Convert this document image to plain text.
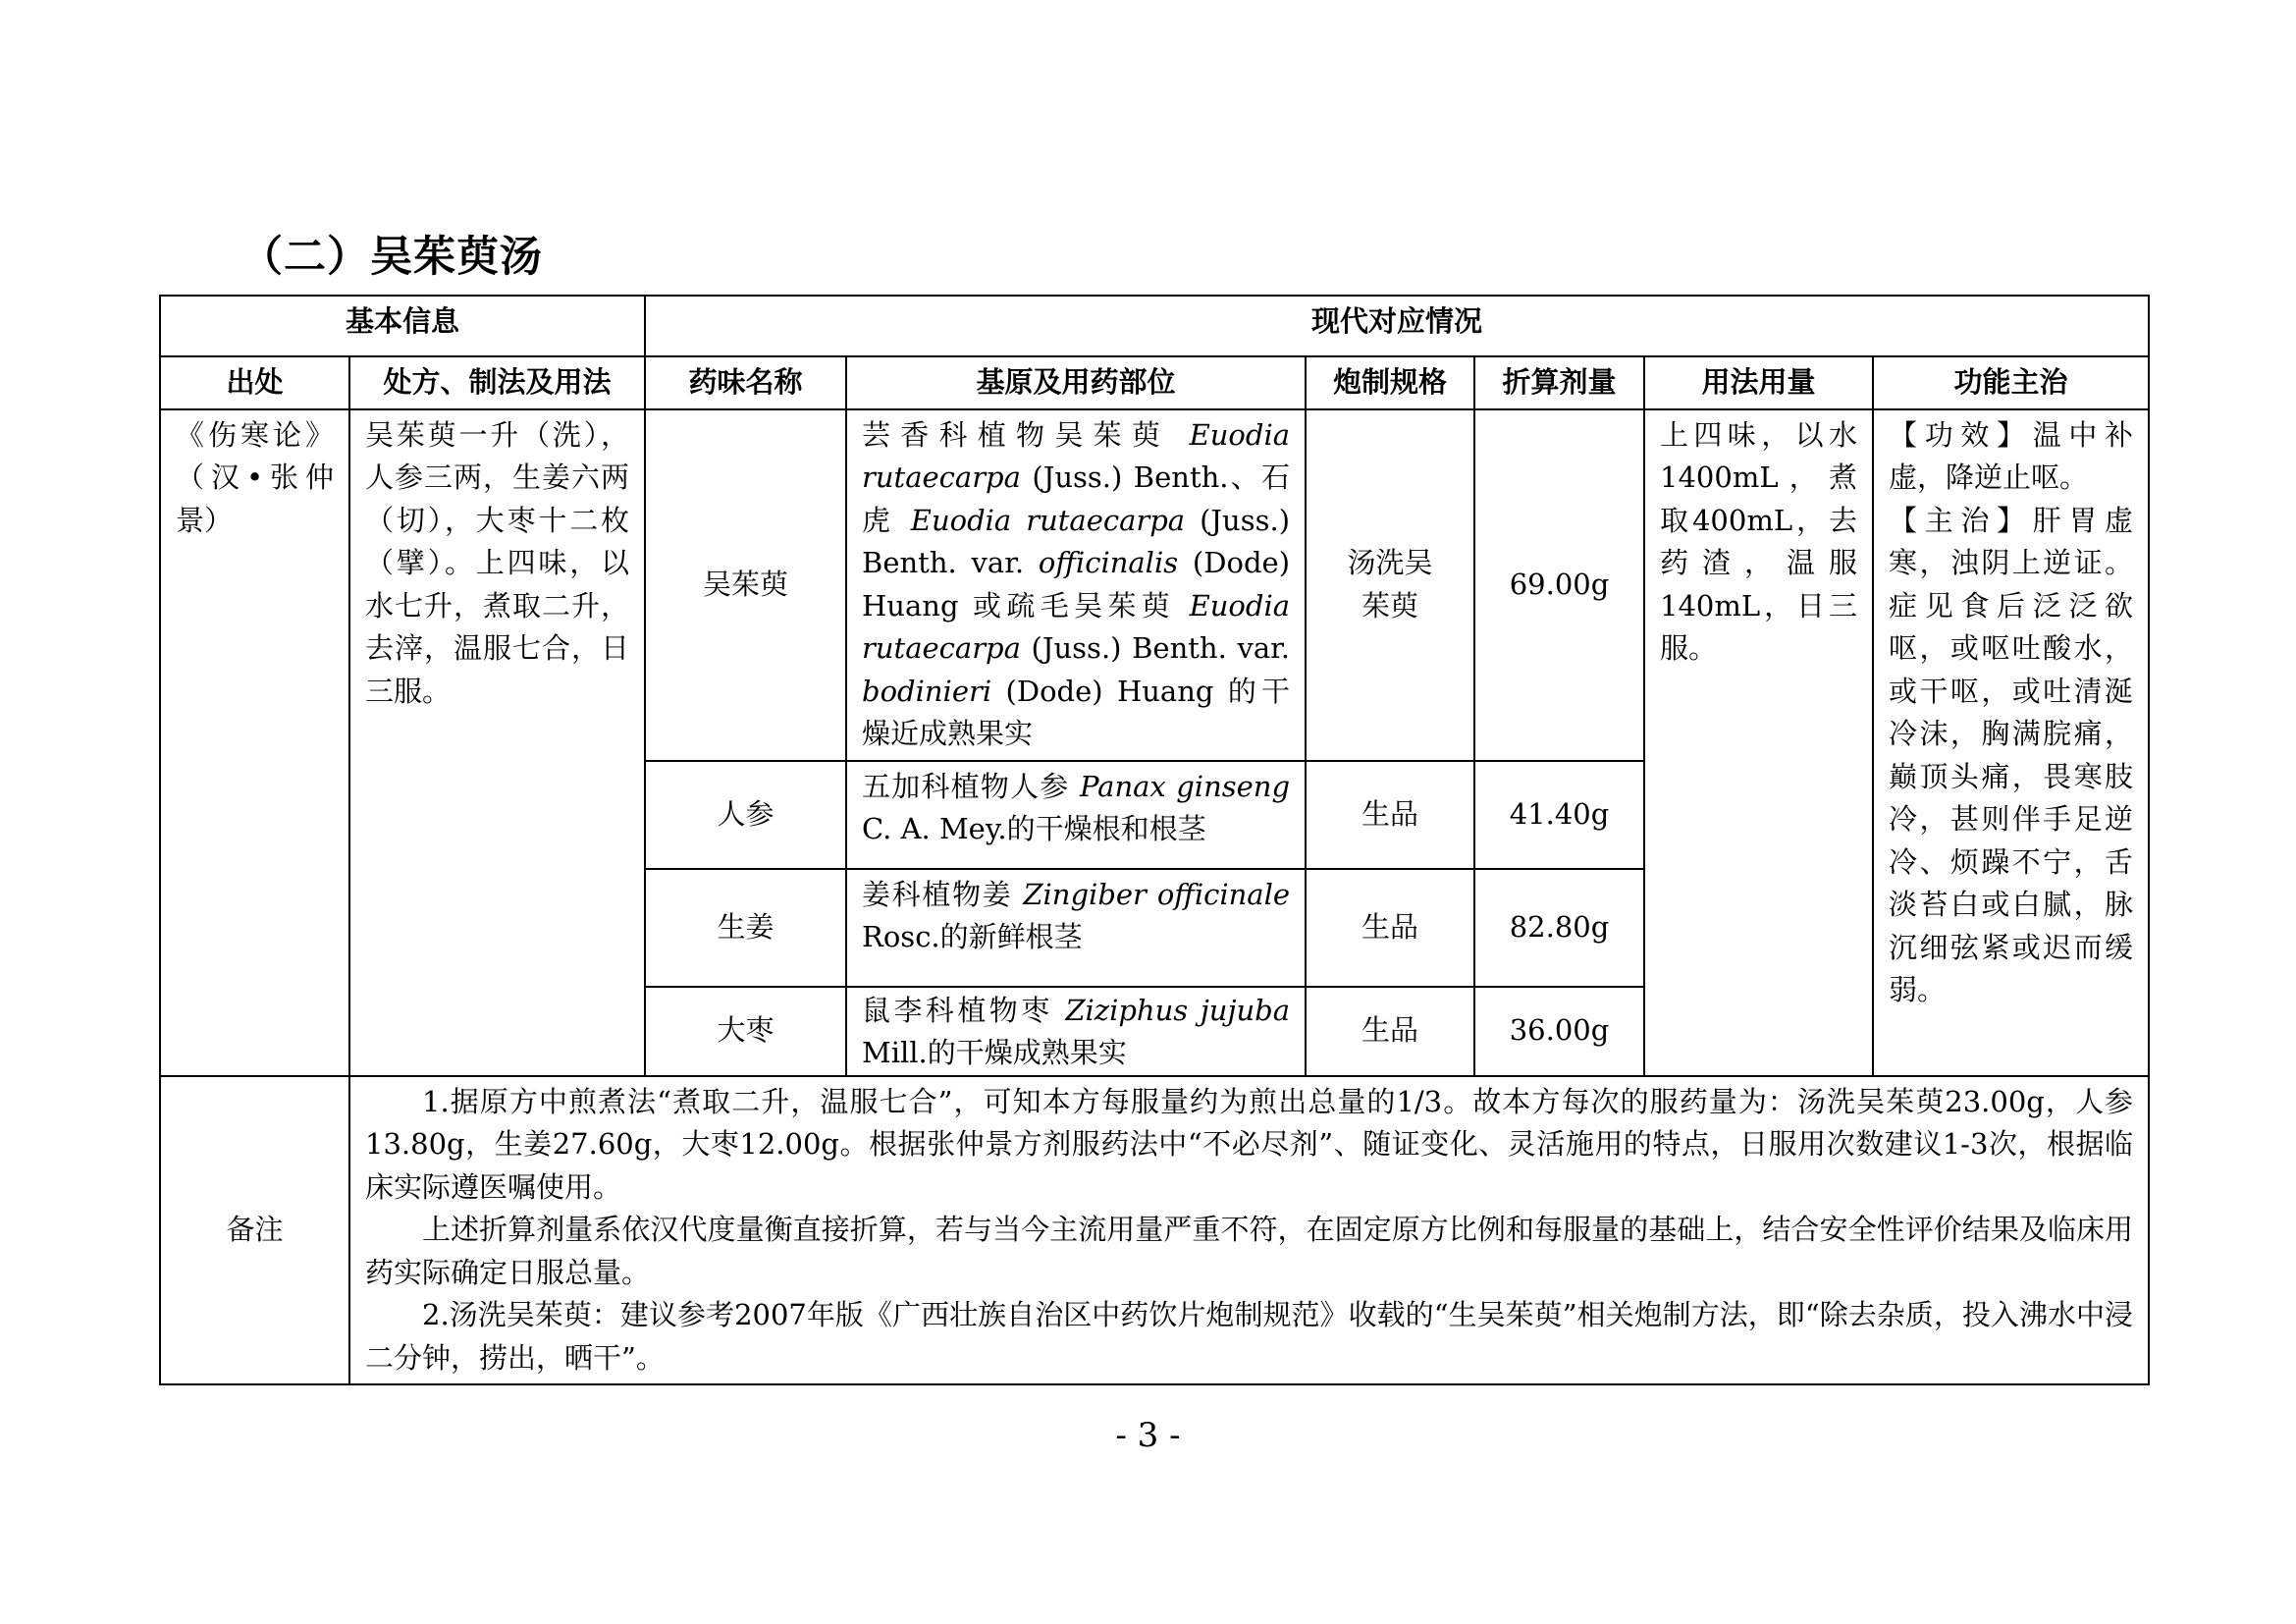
（二）吴茱萸汤
基本信息		现代对应情况					
出处	处方、制法及用法	药味名称	基原及用药部位	炮制规格	折算剂量	用法用量	功能主治
《伤寒论》（汉•张仲景）	吴茱萸一升（洗），人参三两，生姜六两（切），大枣十二枚（擘）。上四味，以水七升，煮取二升，去滓，温服七合，日三服。	吴茱萸	芸香科植物吴茱萸 Euodia rutaecarpa (Juss.) Benth.、石虎 Euodia rutaecarpa (Juss.) Benth. var. officinalis (Dode) Huang 或疏毛吴茱萸 Euodia rutaecarpa (Juss.) Benth. var. bodinieri (Dode) Huang 的干燥近成熟果实	汤洗吴茱萸	69.00g	上四味，以水1400mL，煮取400mL，去药渣，温服140mL，日三服。	【功效】温中补虚，降逆止呕。
【主治】肝胃虚寒，浊阴上逆证。症见食后泛泛欲呕，或呕吐酸水，或干呕，或吐清涎冷沫，胸满脘痛，巅顶头痛，畏寒肢冷，甚则伴手足逆冷、烦躁不宁，舌淡苔白或白腻，脉沉细弦紧或迟而缓弱。

		人参	五加科植物人参 Panax ginseng C. A. Mey.的干燥根和根茎	生品	41.40g		
		生姜	姜科植物姜 Zingiber officinale Rosc.的新鲜根茎	生品	82.80g		
		大枣	鼠李科植物枣 Ziziphus jujuba Mill.的干燥成熟果实	生品	36.00g		
备注	1.据原方中煎煮法“煮取二升，温服七合”，可知本方每服量约为煎出总量的1/3。故本方每次的服药量为：汤洗吴茱萸23.00g，人参13.80g，生姜27.60g，大枣12.00g。根据张仲景方剂服药法中“不必尽剂”、随证变化、灵活施用的特点，日服用次数建议1-3次，根据临床实际遵医嘱使用。

上述折算剂量系依汉代度量衡直接折算，若与当今主流用量严重不符，在固定原方比例和每服量的基础上，结合安全性评价结果及临床用药实际确定日服总量。

2.汤洗吴茱萸：建议参考2007年版《广西壮族自治区中药饮片炮制规范》收载的“生吴茱萸”相关炮制方法，即“除去杂质，投入沸水中浸二分钟，捞出，晒干”。						

- 3 -
